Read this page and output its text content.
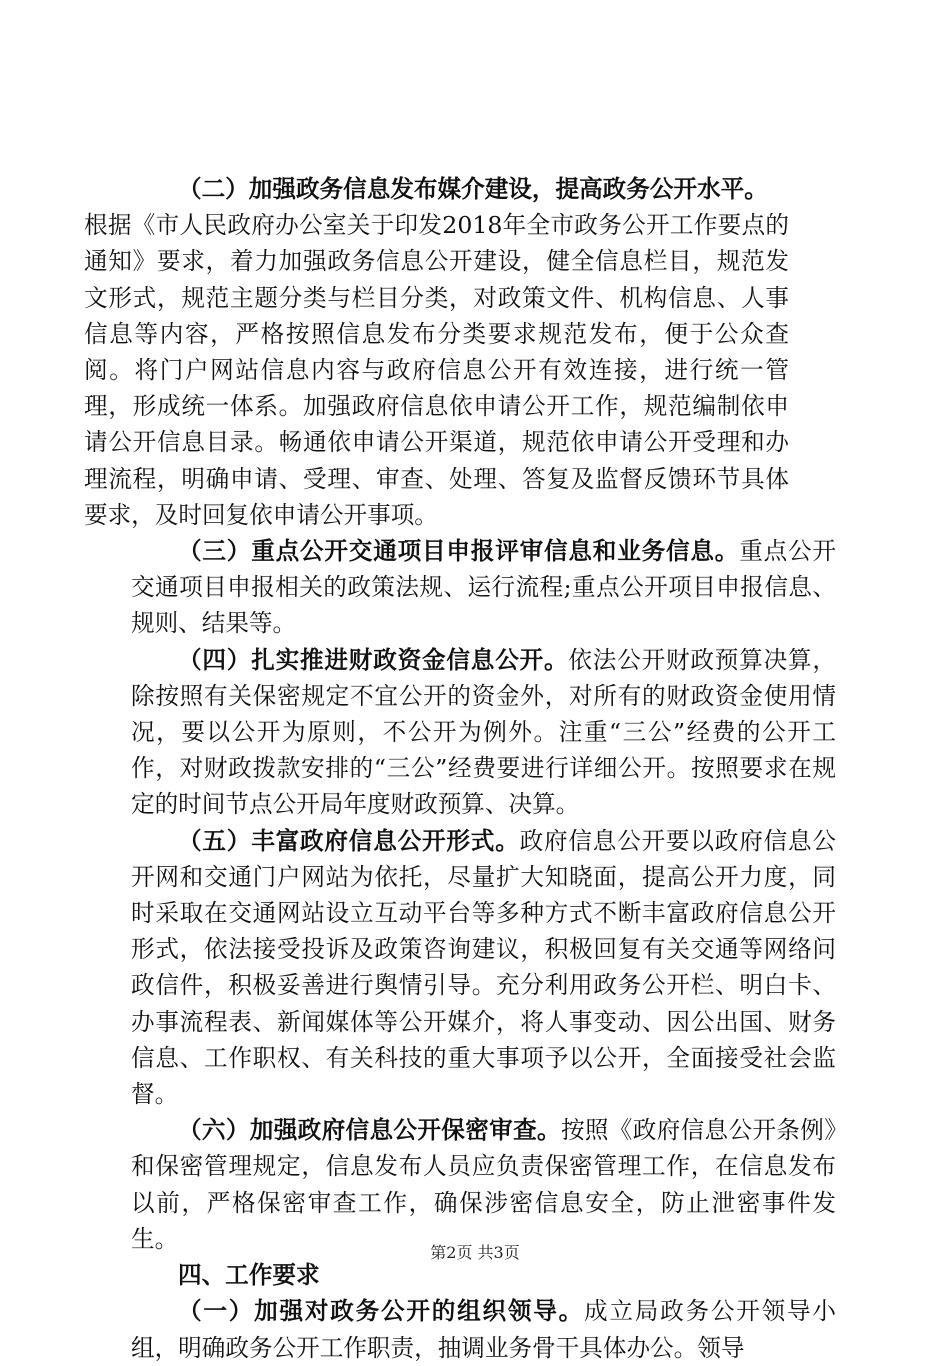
（二）加强政务信息发布媒介建设，提高政务公开水平。

根据《市人民政府办公室关于印发2018年全市政务公开工作要点的通知》要求，着力加强政务信息公开建设，健全信息栏目，规范发文形式，规范主题分类与栏目分类，对政策文件、机构信息、人事信息等内容，严格按照信息发布分类要求规范发布，便于公众查阅。将门户网站信息内容与政府信息公开有效连接，进行统一管理，形成统一体系。加强政府信息依申请公开工作，规范编制依申请公开信息目录。畅通依申请公开渠道，规范依申请公开受理和办理流程，明确申请、受理、审查、处理、答复及监督反馈环节具体要求，及时回复依申请公开事项。

（三）重点公开交通项目申报评审信息和业务信息。重点公开交通项目申报相关的政策法规、运行流程;重点公开项目申报信息、规则、结果等。

（四）扎实推进财政资金信息公开。依法公开财政预算决算，除按照有关保密规定不宜公开的资金外，对所有的财政资金使用情况，要以公开为原则，不公开为例外。注重“三公”经费的公开工作，对财政拨款安排的“三公”经费要进行详细公开。按照要求在规定的时间节点公开局年度财政预算、决算。

（五）丰富政府信息公开形式。政府信息公开要以政府信息公开网和交通门户网站为依托，尽量扩大知晓面，提高公开力度，同时采取在交通网站设立互动平台等多种方式不断丰富政府信息公开形式，依法接受投诉及政策咨询建议，积极回复有关交通等网络问政信件，积极妥善进行舆情引导。充分利用政务公开栏、明白卡、办事流程表、新闻媒体等公开媒介，将人事变动、因公出国、财务信息、工作职权、有关科技的重大事项予以公开，全面接受社会监督。

（六）加强政府信息公开保密审查。按照《政府信息公开条例》和保密管理规定，信息发布人员应负责保密管理工作，在信息发布以前，严格保密审查工作，确保涉密信息安全，防止泄密事件发生。

四、工作要求

（一）加强对政务公开的组织领导。成立局政务公开领导小组，明确政务公开工作职责，抽调业务骨干具体办公。领导

第2页 共3页
